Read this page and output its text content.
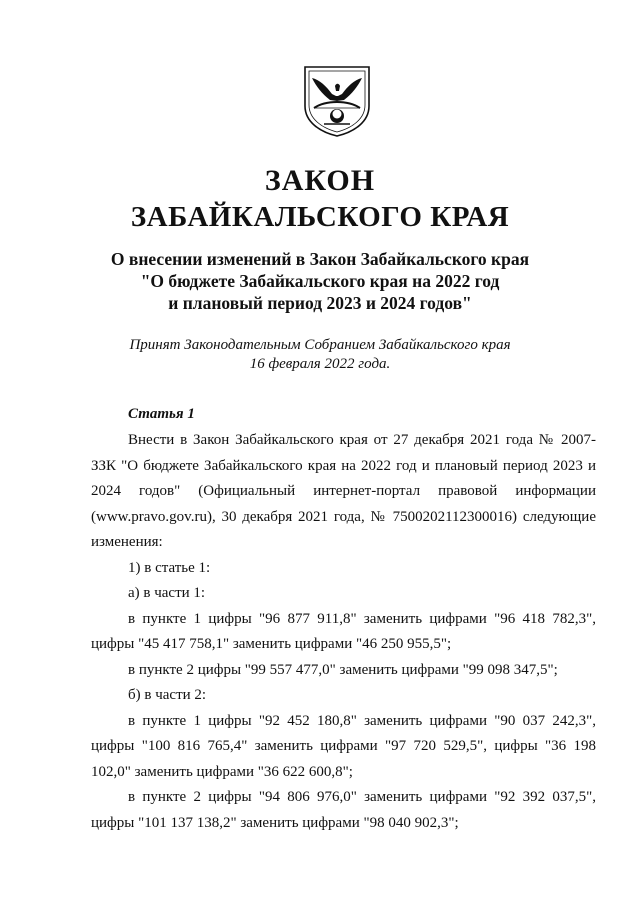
ЗАКОН
ЗАБАЙКАЛЬСКОГО КРАЯ
О внесении изменений в Закон Забайкальского края
"О бюджете Забайкальского края на 2022 год
и плановый период 2023 и 2024 годов"
Принят Законодательным Собранием Забайкальского края
16 февраля 2022 года.
Статья 1

Внести в Закон Забайкальского края от 27 декабря 2021 года № 2007-ЗЗК "О бюджете Забайкальского края на 2022 год и плановый период 2023 и 2024 годов" (Официальный интернет-портал правовой информации (www.pravo.gov.ru), 30 декабря 2021 года, № 7500202112300016) следующие изменения:

1) в статье 1:

а) в части 1:

в пункте 1 цифры "96 877 911,8" заменить цифрами "96 418 782,3", цифры "45 417 758,1" заменить цифрами "46 250 955,5";

в пункте 2 цифры "99 557 477,0" заменить цифрами "99 098 347,5";

б) в части 2:

в пункте 1 цифры "92 452 180,8" заменить цифрами "90 037 242,3", цифры "100 816 765,4" заменить цифрами "97 720 529,5", цифры "36 198 102,0" заменить цифрами "36 622 600,8";

в пункте 2 цифры "94 806 976,0" заменить цифрами "92 392 037,5", цифры "101 137 138,2" заменить цифрами "98 040 902,3";
